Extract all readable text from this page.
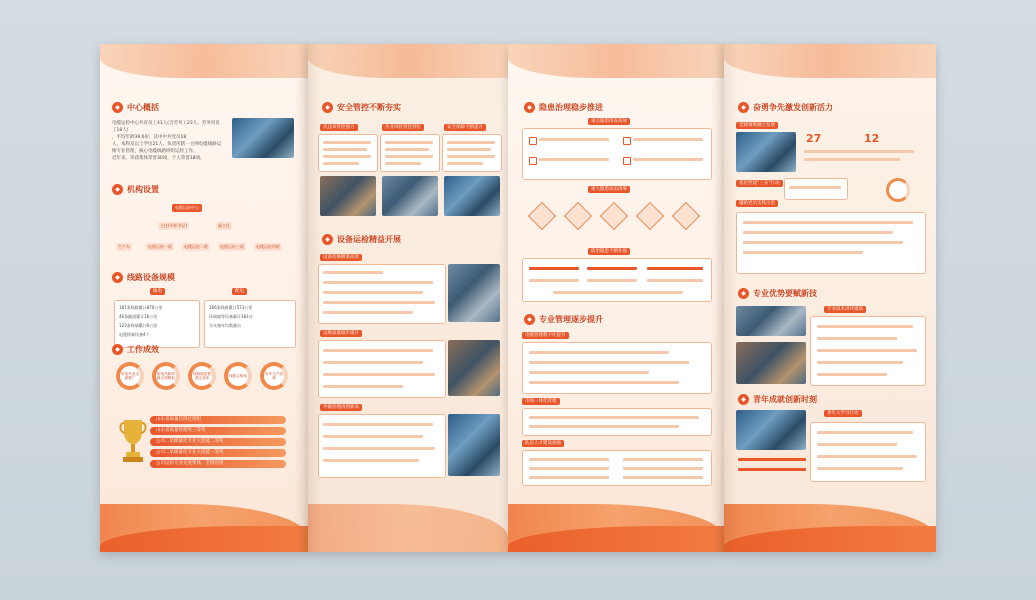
◆ 中心概括
电缆运检中心共有员工41人(含劳务工23人，劳务用员工18人)
，平均年龄39.6岁，其中中共党员18
人，本科及以上学历21人。负责所辖一主网电缆线路运
维专业管理，核心电缆线路班组运检工作。
近年来，荣获集体荣誉30项，个人荣誉18项。
◆ 机构设置
电缆运检中心
主任(专职书记)	副主任
生产办	电缆运检一班	电缆运检二班	电缆运检三班	电缆运检四班
◆ 线路设备规模
输电	配电
187条线路累计870公里
46条隧道累计16公里
123条终端累计6公里
电缆终端设备4个
166条线路累计573公里
环网箱等设备累计181台
分支箱年均数量台
◆ 工作成效
带电作业全面推广
配电线路故障全面降低
线路隐患整改完成率
线路合格率
本年生产治理
山东省质量信得过班组
山东省质量管理奖三等奖
公司二星级量化专业大技能二等奖
公司二星级量化专业大技能一等奖
公司运检专业先进集体，全班应用
◆ 安全管控不断夯实
反违章管控强力	作业风险管控到位	安全保障不断提升
◆ 设备运检精益开展
设备检修精准高效
运维质量稳步提升
外破治理再创新高
◆ 隐患治理稳步推进
重点隐患排查高效
重大隐患动态清零
防治隐患不断补强
◆ 专业管理逐步提升
电缆管理数字化提升
市场一体化管理
队伍人才建设加强
◆ 奋勇争先激发创新活力
党建领航融合发展
27	12
基层党建“三实”行动
辅路党员实践示范
◆ 专业优势要赋新技
专业技术讲评提质
◆ 青年成就创新时刻
青年大学习行动
